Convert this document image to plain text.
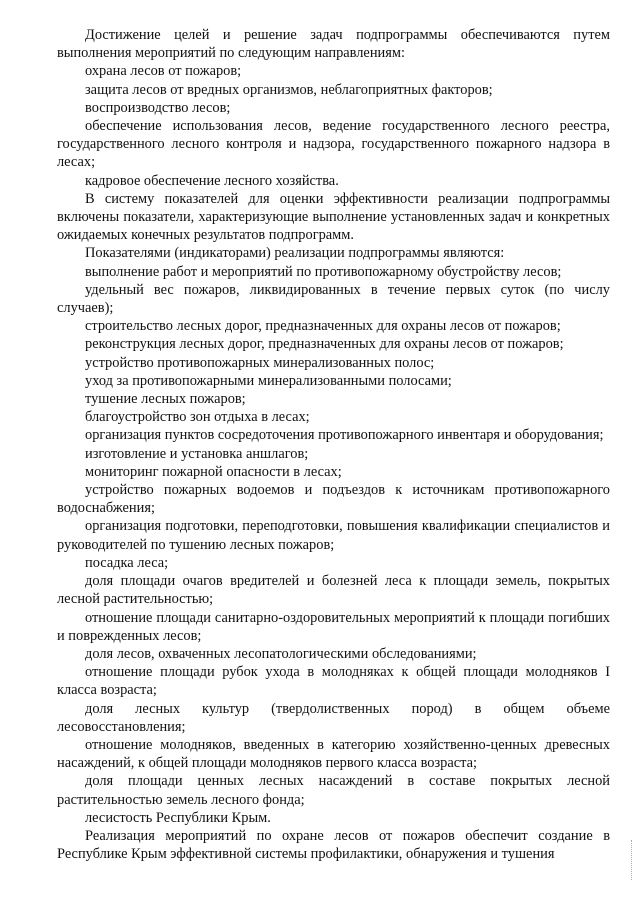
Достижение целей и решение задач подпрограммы обеспечиваются путем выполнения мероприятий по следующим направлениям:

охрана лесов от пожаров;

защита лесов от вредных организмов, неблагоприятных факторов;

воспроизводство лесов;

обеспечение использования лесов, ведение государственного лесного реестра, государственного лесного контроля и надзора, государственного пожарного надзора в лесах;

кадровое обеспечение лесного хозяйства.

В систему показателей для оценки эффективности реализации подпрограммы включены показатели, характеризующие выполнение установленных задач и конкретных ожидаемых конечных результатов подпрограмм.

Показателями (индикаторами) реализации подпрограммы являются:

выполнение работ и мероприятий по противопожарному обустройству лесов;

удельный вес пожаров, ликвидированных в течение первых суток (по числу случаев);

строительство лесных дорог, предназначенных для охраны лесов от пожаров;

реконструкция лесных дорог, предназначенных для охраны лесов от пожаров;

устройство противопожарных минерализованных полос;

уход за противопожарными минерализованными полосами;

тушение лесных пожаров;

благоустройство зон отдыха в лесах;

организация пунктов сосредоточения противопожарного инвентаря и оборудования;

изготовление и установка аншлагов;

мониторинг пожарной опасности в лесах;

устройство пожарных водоемов и подъездов к источникам противопожарного водоснабжения;

организация подготовки, переподготовки, повышения квалификации специалистов и руководителей по тушению лесных пожаров;

посадка леса;

доля площади очагов вредителей и болезней леса к площади земель, покрытых лесной растительностью;

отношение площади санитарно-оздоровительных мероприятий к площади погибших и поврежденных лесов;

доля лесов, охваченных лесопатологическими обследованиями;

отношение площади рубок ухода в молодняках к общей площади молодняков I класса возраста;

доля лесных культур (твердолиственных пород) в общем объеме лесовосстановления;

отношение молодняков, введенных в категорию хозяйственно-ценных древесных насаждений, к общей площади молодняков первого класса возраста;

доля площади ценных лесных насаждений в составе покрытых лесной растительностью земель лесного фонда;

лесистость Республики Крым.

Реализация мероприятий по охране лесов от пожаров обеспечит создание в Республике Крым эффективной системы профилактики, обнаружения и тушения
